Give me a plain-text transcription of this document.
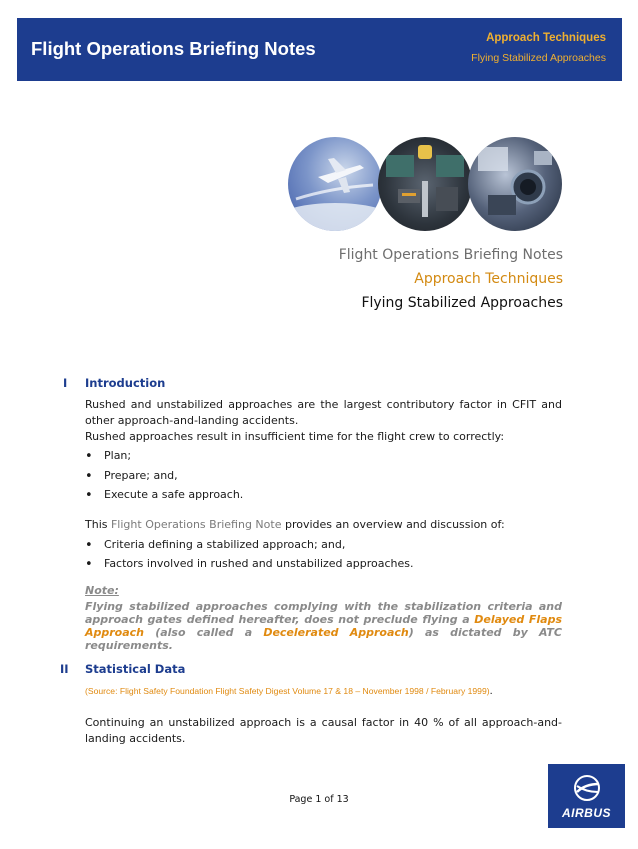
Flight Operations Briefing Notes	Approach Techniques
Flying Stabilized Approaches
Flight Operations Briefing Notes
Approach Techniques
Flying Stabilized Approaches
I Introduction
Rushed and unstabilized approaches are the largest contributory factor in CFIT and other approach-and-landing accidents.
Rushed approaches result in insufficient time for the flight crew to correctly:
• Plan;
• Prepare; and,
• Execute a safe approach.
This Flight Operations Briefing Note provides an overview and discussion of:
• Criteria defining a stabilized approach; and,
• Factors involved in rushed and unstabilized approaches.
Note:
Flying stabilized approaches complying with the stabilization criteria and approach gates defined hereafter, does not preclude flying a Delayed Flaps Approach (also called a Decelerated Approach) as dictated by ATC requirements.
II Statistical Data
(Source: Flight Safety Foundation Flight Safety Digest Volume 17 & 18 – November 1998 / February 1999).
Continuing an unstabilized approach is a causal factor in 40 % of all approach-and-landing accidents.
Page 1 of 13
AIRBUS
